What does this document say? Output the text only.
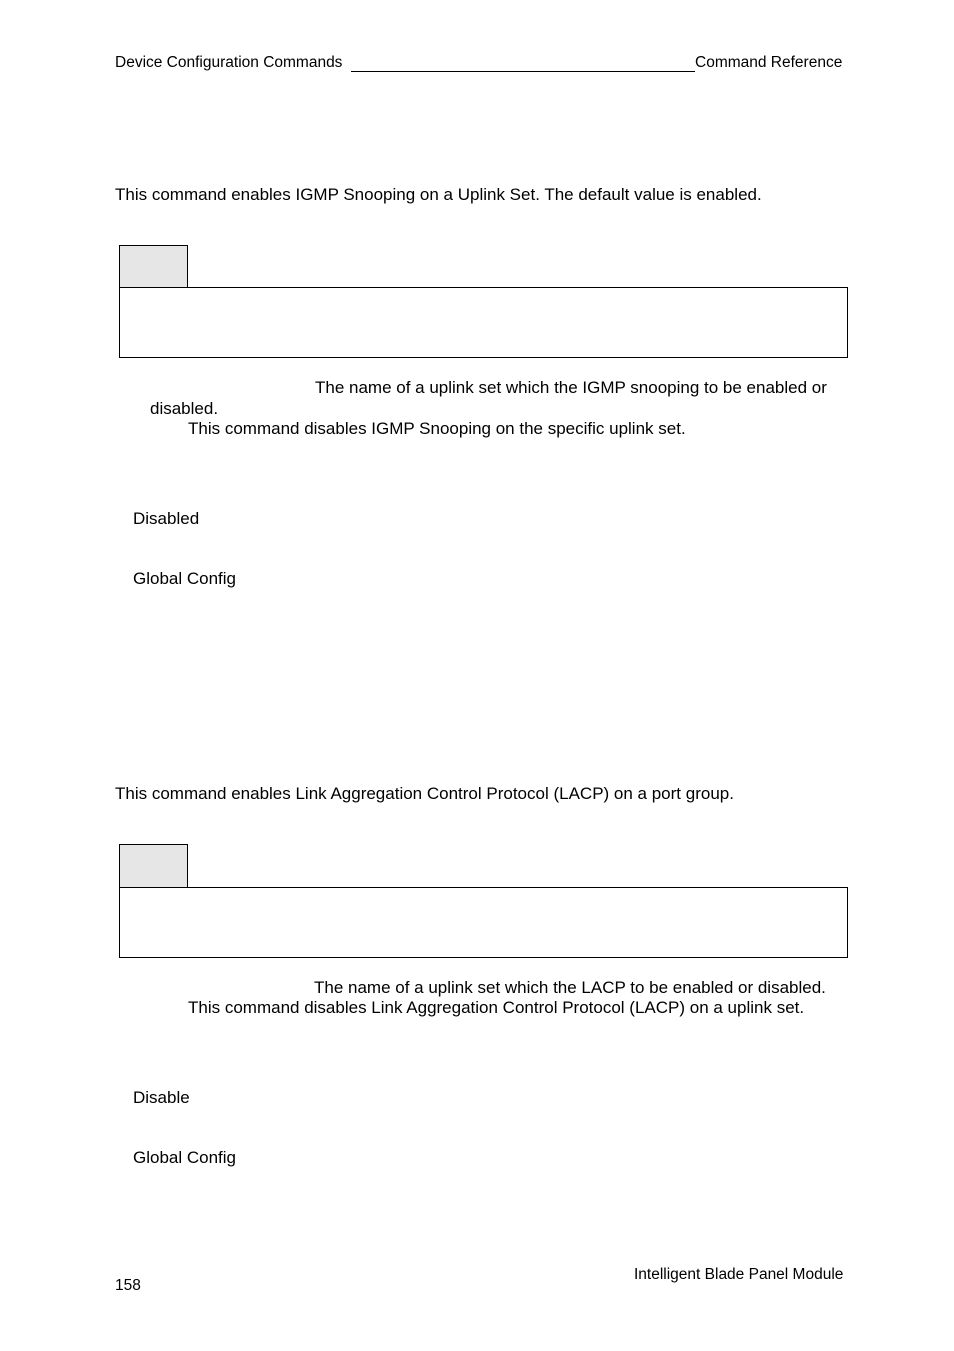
Device Configuration Commands	Command Reference
This command enables IGMP Snooping on a Uplink Set. The default value is enabled.
The name of a uplink set which the IGMP snooping to be enabled or
disabled.
This command disables IGMP Snooping on the specific uplink set.
Disabled
Global Config
This command enables Link Aggregation Control Protocol (LACP) on a port group.
The name of a uplink set which the LACP to be enabled or disabled.
This command disables Link Aggregation Control Protocol (LACP) on a uplink set.
Disable
Global Config
158
Intelligent Blade Panel Module
